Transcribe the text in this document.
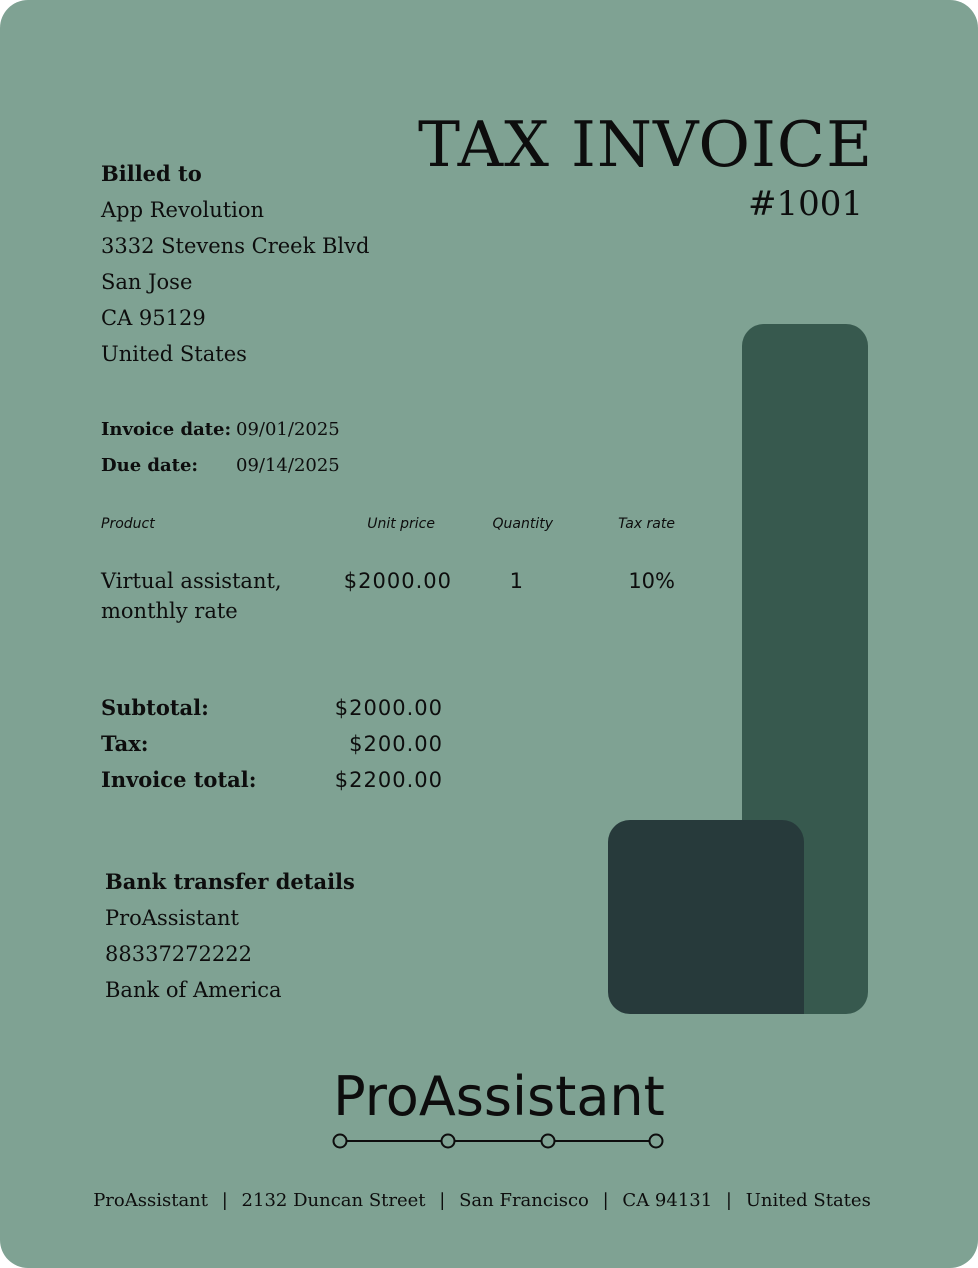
TAX INVOICE
#1001
Billed to
App Revolution
3332 Stevens Creek Blvd
San Jose
CA 95129
United States
Invoice date: 09/01/2025
Due date:	09/14/2025
Product	Unit price	Quantity	Tax rate
Virtual assistant, monthly rate
$2000.00	1	10%
Subtotal:	$2000.00
Tax:	$200.00
Invoice total:	$2200.00
Bank transfer details
ProAssistant
88337272222
Bank of America
ProAssistant
ProAssistant | 2132 Duncan Street | San Francisco | CA 94131 | United States
